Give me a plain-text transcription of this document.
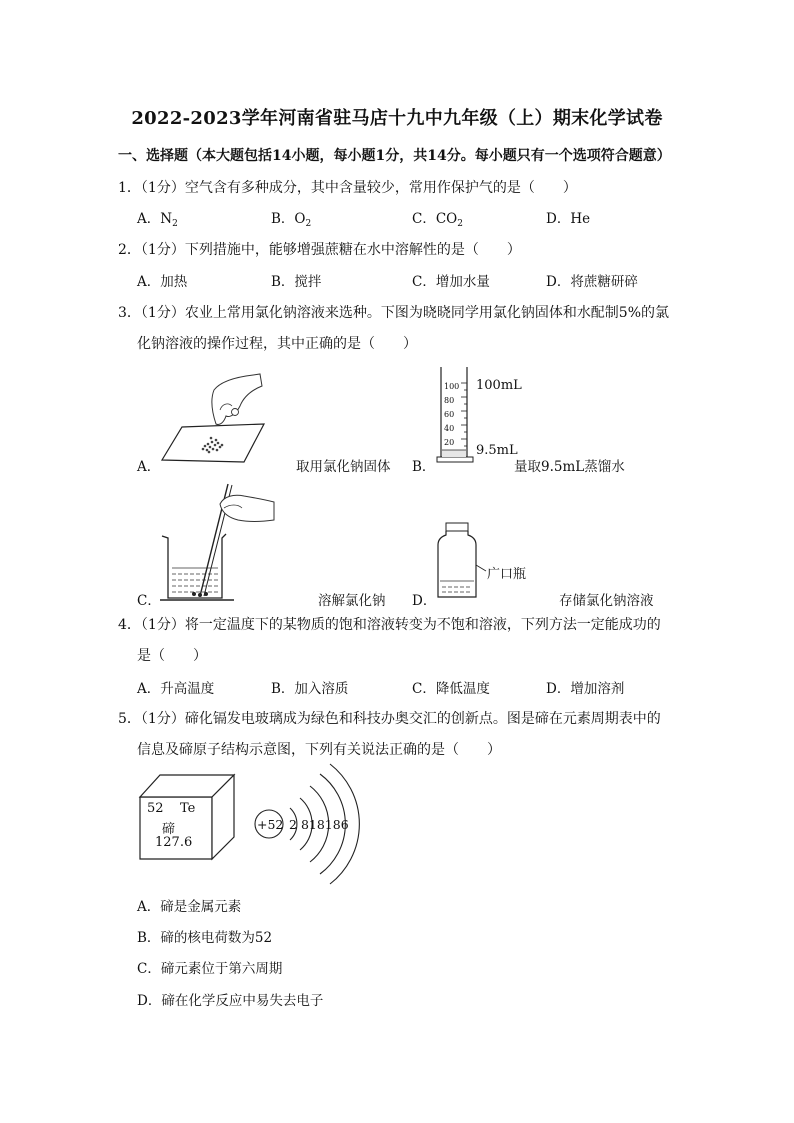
2022-2023学年河南省驻马店十九中九年级（上）期末化学试卷
一、选择题（本大题包括14小题，每小题1分，共14分。每小题只有一个选项符合题意）
1．（1分）空气含有多种成分，其中含量较少，常用作保护气的是（　　）
A．$N_2$	B．$O_2$	C．$CO_2$	D．He
2．（1分）下列措施中，能够增强蔗糖在水中溶解性的是（　　）
A．加热	B．搅拌	C．增加水量	D．将蔗糖研碎
3．（1分）农业上常用氯化钠溶液来选种。下图为晓晓同学用氯化钠固体和水配制5%的氯
化钠溶液的操作过程，其中正确的是（　　）
A．	取用氯化钠固体
100
80
60
40
20
100mL
9.5mL
B．	量取9.5mL蒸馏水
C．	溶解氯化钠
广口瓶
D．	存储氯化钠溶液
4．（1分）将一定温度下的某物质的饱和溶液转变为不饱和溶液，下列方法一定能成功的
是（　　）
A．升高温度	B．加入溶质	C．降低温度	D．增加溶剂
5．（1分）碲化镉发电玻璃成为绿色和科技办奥交汇的创新点。图是碲在元素周期表中的
信息及碲原子结构示意图，下列有关说法正确的是（　　）
52 Te
碲
127.6
+52 2 818186
A．碲是金属元素
B．碲的核电荷数为52
C．碲元素位于第六周期
D．碲在化学反应中易失去电子
